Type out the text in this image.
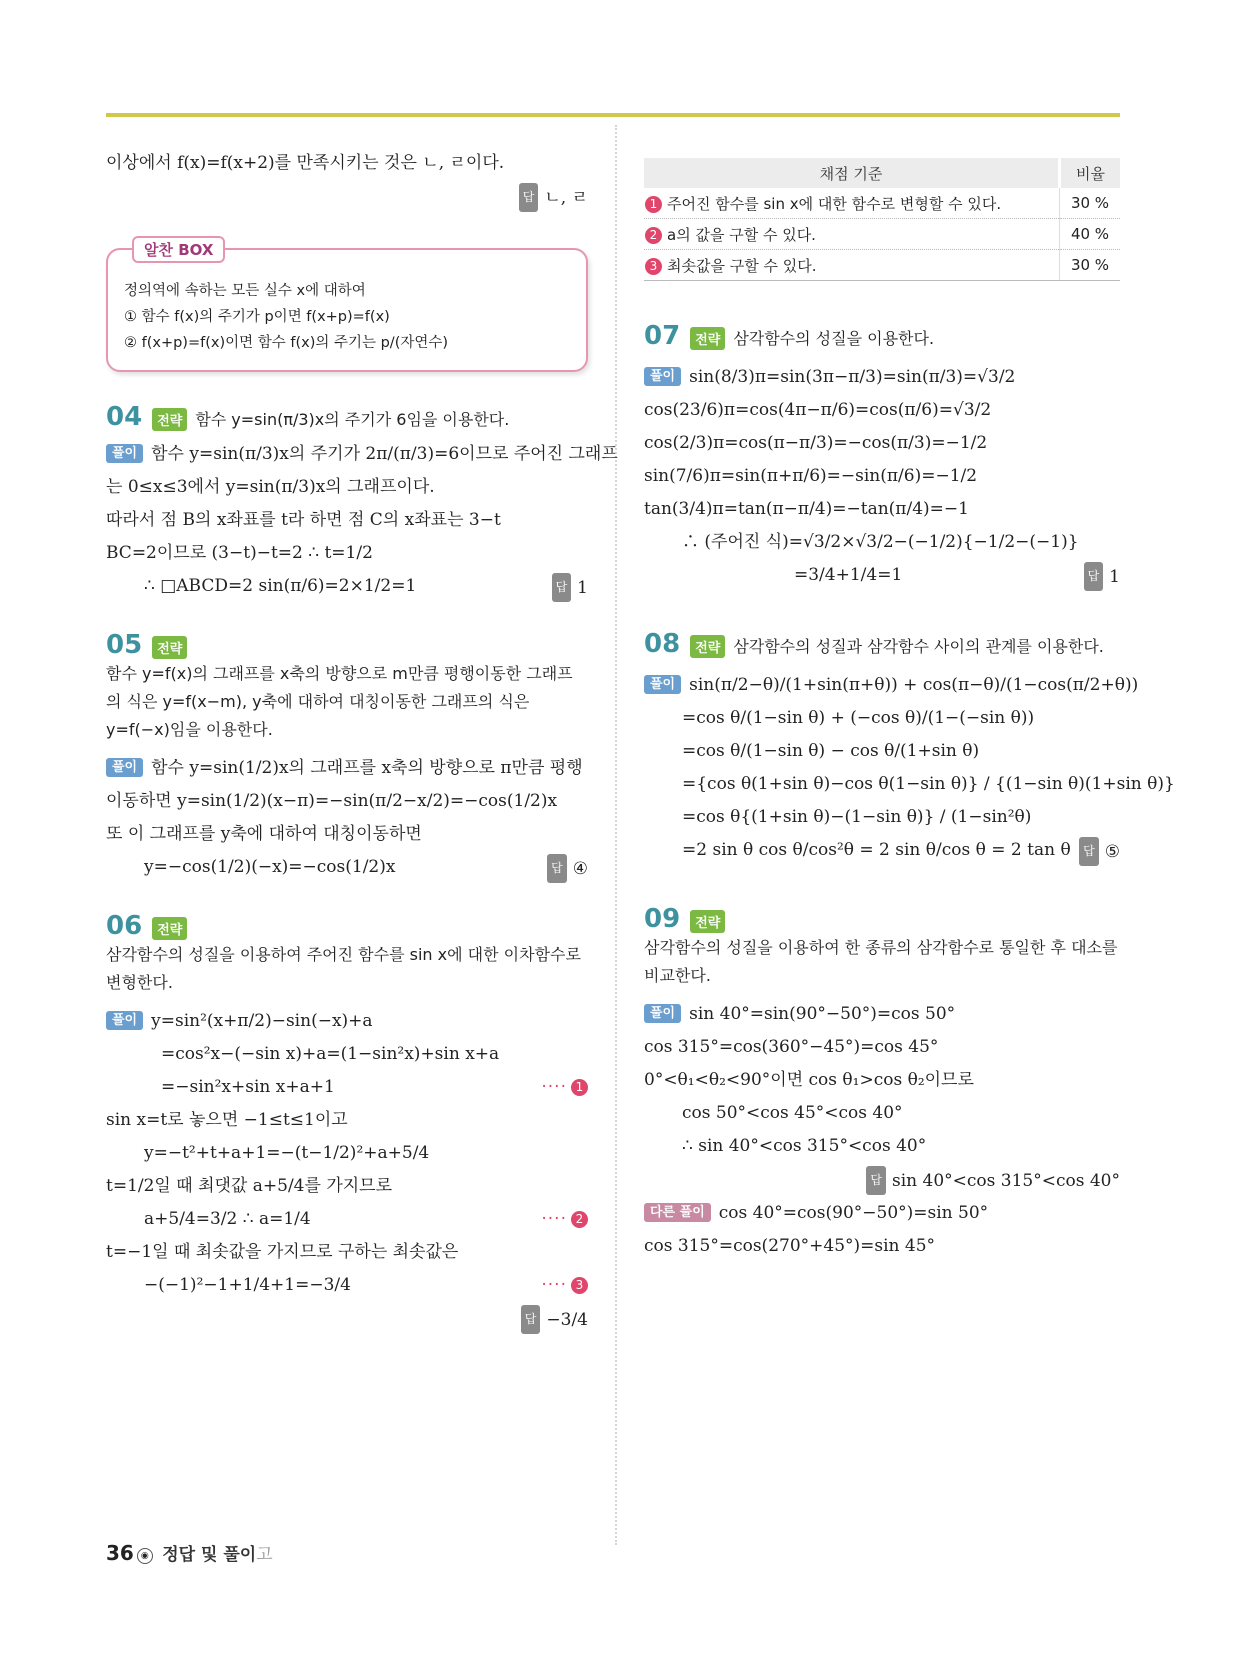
이상에서 f(x)=f(x+2)를 만족시키는 것은 ㄴ, ㄹ이다.
답 ㄴ, ㄹ
알찬 BOX
정의역에 속하는 모든 실수 x에 대하여
① 함수 f(x)의 주기가 p이면 f(x+p)=f(x)
② f(x+p)=f(x)이면 함수 f(x)의 주기는 p/(자연수)
04	전략 함수 y=sin(π/3)x의 주기가 6임을 이용한다.
풀이 함수 y=sin(π/3)x의 주기가 2π/(π/3)=6이므로 주어진 그래프
는 0≤x≤3에서 y=sin(π/3)x의 그래프이다.
따라서 점 B의 x좌표를 t라 하면 점 C의 x좌표는 3−t
BC=2이므로 (3−t)−t=2 ∴ t=1/2
∴ □ABCD=2 sin(π/6)=2×1/2=1	답 1
05	전략
함수 y=f(x)의 그래프를 x축의 방향으로 m만큼 평행이동한 그래프의 식은 y=f(x−m), y축에 대하여 대칭이동한 그래프의 식은 y=f(−x)임을 이용한다.
풀이 함수 y=sin(1/2)x의 그래프를 x축의 방향으로 π만큼 평행
이동하면 y=sin(1/2)(x−π)=−sin(π/2−x/2)=−cos(1/2)x
또 이 그래프를 y축에 대하여 대칭이동하면
y=−cos(1/2)(−x)=−cos(1/2)x	답 ④
06	전략
삼각함수의 성질을 이용하여 주어진 함수를 sin x에 대한 이차함수로 변형한다.
풀이 y=sin²(x+π/2)−sin(−x)+a
=cos²x−(−sin x)+a=(1−sin²x)+sin x+a
=−sin²x+sin x+a+1	···· 1
sin x=t로 놓으면 −1≤t≤1이고
y=−t²+t+a+1=−(t−1/2)²+a+5/4
t=1/2일 때 최댓값 a+5/4를 가지므로
a+5/4=3/2 ∴ a=1/4	···· 2
t=−1일 때 최솟값을 가지므로 구하는 최솟값은
−(−1)²−1+1/4+1=−3/4	···· 3
답 −3/4
채점 기준	비율
1 주어진 함수를 sin x에 대한 함수로 변형할 수 있다.	30 %
2 a의 값을 구할 수 있다.	40 %
3 최솟값을 구할 수 있다.	30 %
07	전략 삼각함수의 성질을 이용한다.
풀이 sin(8/3)π=sin(3π−π/3)=sin(π/3)=√3/2
cos(23/6)π=cos(4π−π/6)=cos(π/6)=√3/2
cos(2/3)π=cos(π−π/3)=−cos(π/3)=−1/2
sin(7/6)π=sin(π+π/6)=−sin(π/6)=−1/2
tan(3/4)π=tan(π−π/4)=−tan(π/4)=−1
∴ (주어진 식)=√3/2×√3/2−(−1/2){−1/2−(−1)}
=3/4+1/4=1	답 1
08	전략 삼각함수의 성질과 삼각함수 사이의 관계를 이용한다.
풀이 sin(π/2−θ)/(1+sin(π+θ)) + cos(π−θ)/(1−cos(π/2+θ))
=cos θ/(1−sin θ) + (−cos θ)/(1−(−sin θ))
=cos θ/(1−sin θ) − cos θ/(1+sin θ)
={cos θ(1+sin θ)−cos θ(1−sin θ)} / {(1−sin θ)(1+sin θ)}
=cos θ{(1+sin θ)−(1−sin θ)} / (1−sin²θ)
=2 sin θ cos θ/cos²θ = 2 sin θ/cos θ = 2 tan θ	답 ⑤
09	전략
삼각함수의 성질을 이용하여 한 종류의 삼각함수로 통일한 후 대소를 비교한다.
풀이 sin 40°=sin(90°−50°)=cos 50°
cos 315°=cos(360°−45°)=cos 45°
0°<θ₁<θ₂<90°이면 cos θ₁>cos θ₂이므로
cos 50°<cos 45°<cos 40°
∴ sin 40°<cos 315°<cos 40°
답 sin 40°<cos 315°<cos 40°
다른 풀이 cos 40°=cos(90°−50°)=sin 50°
cos 315°=cos(270°+45°)=sin 45°
36 ◉ 정답 및 풀이고
